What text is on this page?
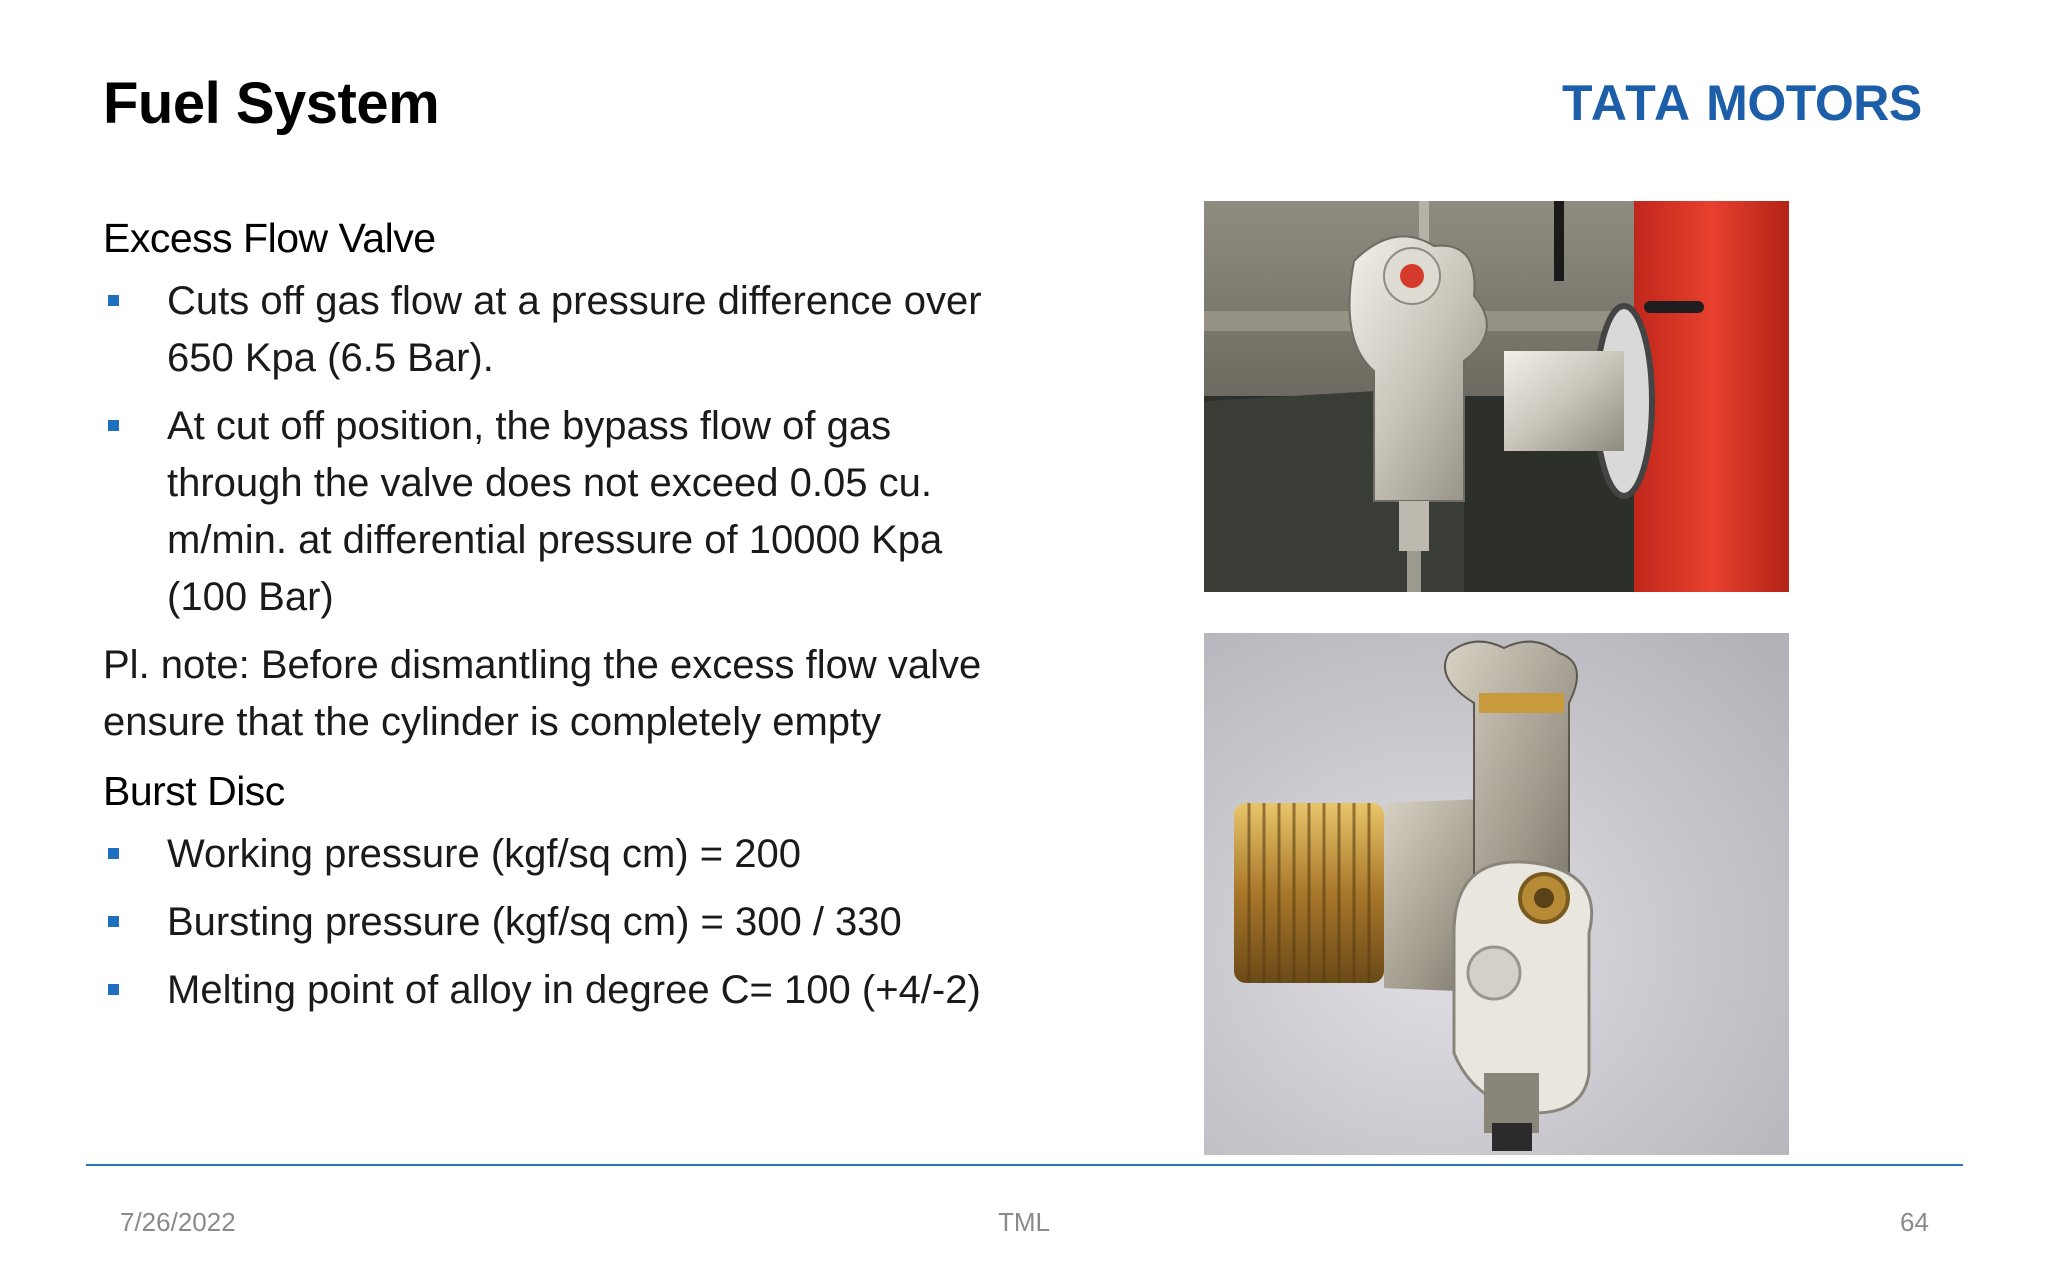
Fuel System	TATA MOTORS
Excess Flow Valve
Cuts off gas flow at a pressure difference over 650 Kpa (6.5 Bar).
At cut off position, the bypass flow of gas through the valve does not exceed 0.05 cu. m/min. at differential pressure of 10000 Kpa (100 Bar)
Pl. note: Before dismantling the excess flow valve ensure that the cylinder is completely empty
Burst Disc
Working pressure (kgf/sq cm) = 200
Bursting pressure (kgf/sq cm) = 300 / 330
Melting point of alloy in degree C= 100 (+4/-2)
7/26/2022	TML	64
